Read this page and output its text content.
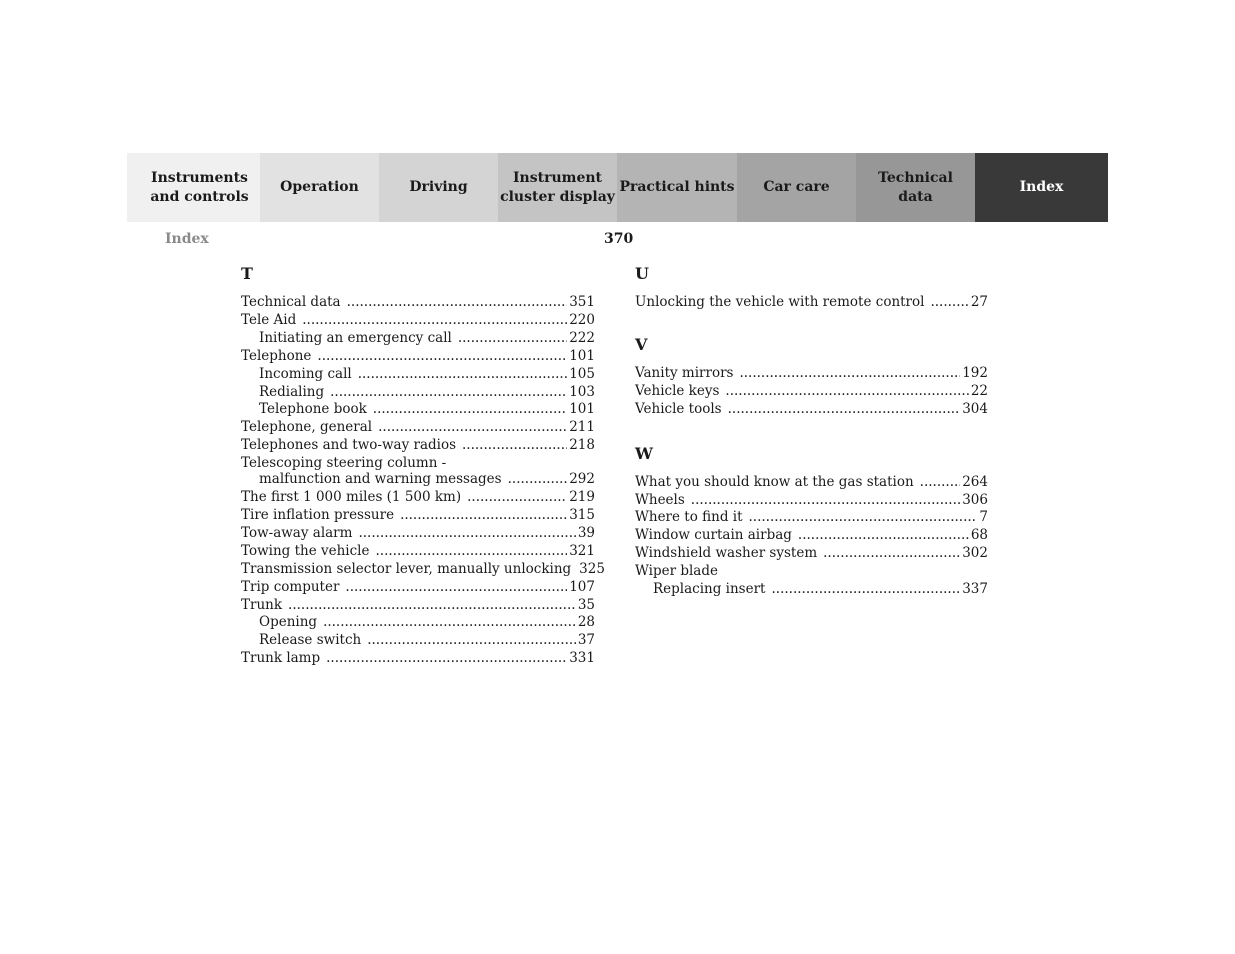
Instruments
and controls
Operation	Driving
Instrument
cluster display
Practical hints Car care
Technical
data
Index
Index	370
T
Technical data .....	351
Tele Aid .....	220
Initiating an emergency call .....	222
Telephone .....	101
Incoming call .....	105
Redialing .....	103
Telephone book .....	101
Telephone, general .....	211
Telephones and two-way radios .....	218
Telescoping steering column -
malfunction and warning messages .....	292
The first 1 000 miles (1 500 km) .....	219
Tire inflation pressure .....	315
Tow-away alarm .....	39
Towing the vehicle .....	321
Transmission selector lever, manually unlocking 325
Trip computer .....	107
Trunk .....	35
Opening .....	28
Release switch .....	37
Trunk lamp .....	331
U
Unlocking the vehicle with remote control .....	27
V
Vanity mirrors .....	192
Vehicle keys .....	22
Vehicle tools .....	304
W
What you should know at the gas station .....	264
Wheels .....	306
Where to find it .....	7
Window curtain airbag .....	68
Windshield washer system .....	302
Wiper blade
Replacing insert .....	337
